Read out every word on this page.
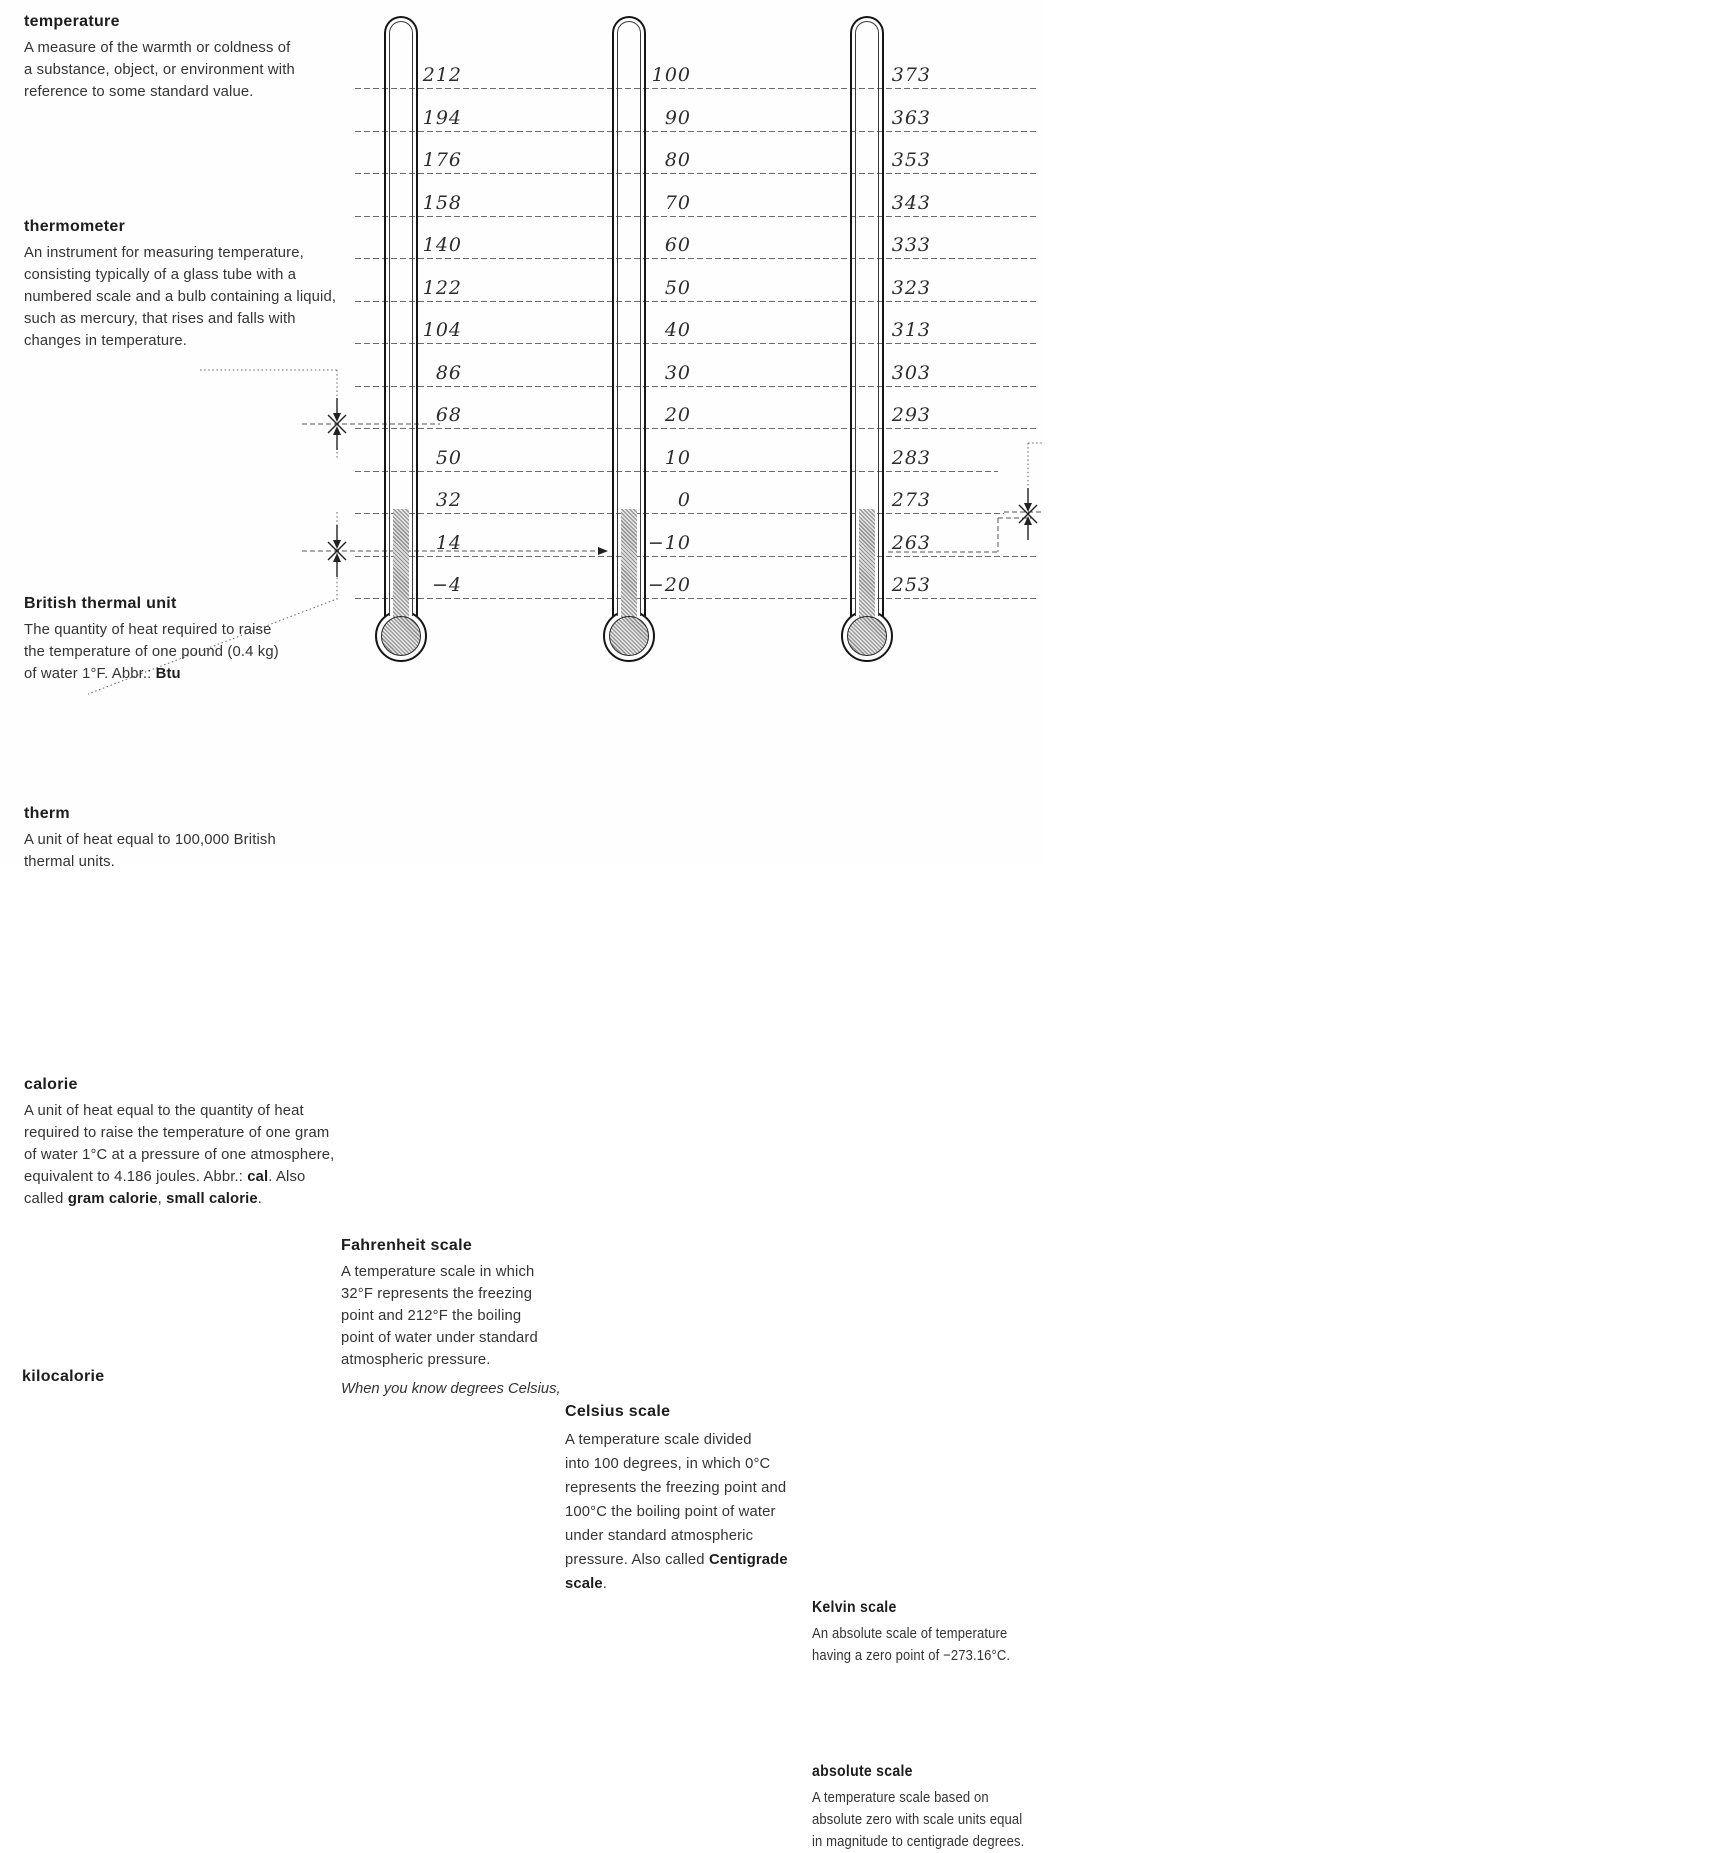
212
194
176
158
140
122
104
86
68
50
32
14
−4
100
90
80
70
60
50
40
30
20
10
0
−10
−20
373
363
353
343
333
323
313
303
293
283
273
263
253
temperature
A measure of the warmth or coldness of
a substance, object, or environment with
reference to some standard value.
thermometer
An instrument for measuring temperature,
consisting typically of a glass tube with a
numbered scale and a bulb containing a liquid,
such as mercury, that rises and falls with
changes in temperature.
British thermal unit
The quantity of heat required to raise
the temperature of one pound (0.4 kg)
of water 1°F. Abbr.: Btu
therm
A unit of heat equal to 100,000 British
thermal units.
calorie
A unit of heat equal to the quantity of heat
required to raise the temperature of one gram
of water 1°C at a pressure of one atmosphere,
equivalent to 4.186 joules. Abbr.: cal. Also
called gram calorie, small calorie.
kilocalorie
Fahrenheit scale
A temperature scale in which
32°F represents the freezing
point and 212°F the boiling
point of water under standard
atmospheric pressure.
When you know degrees Celsius,
Celsius scale
A temperature scale divided
into 100 degrees, in which 0°C
represents the freezing point and
100°C the boiling point of water
under standard atmospheric
pressure. Also called Centigrade
scale.
Kelvin scale
An absolute scale of temperature
having a zero point of −273.16°C.
absolute scale
A temperature scale based on
absolute zero with scale units equal
in magnitude to centigrade degrees.
